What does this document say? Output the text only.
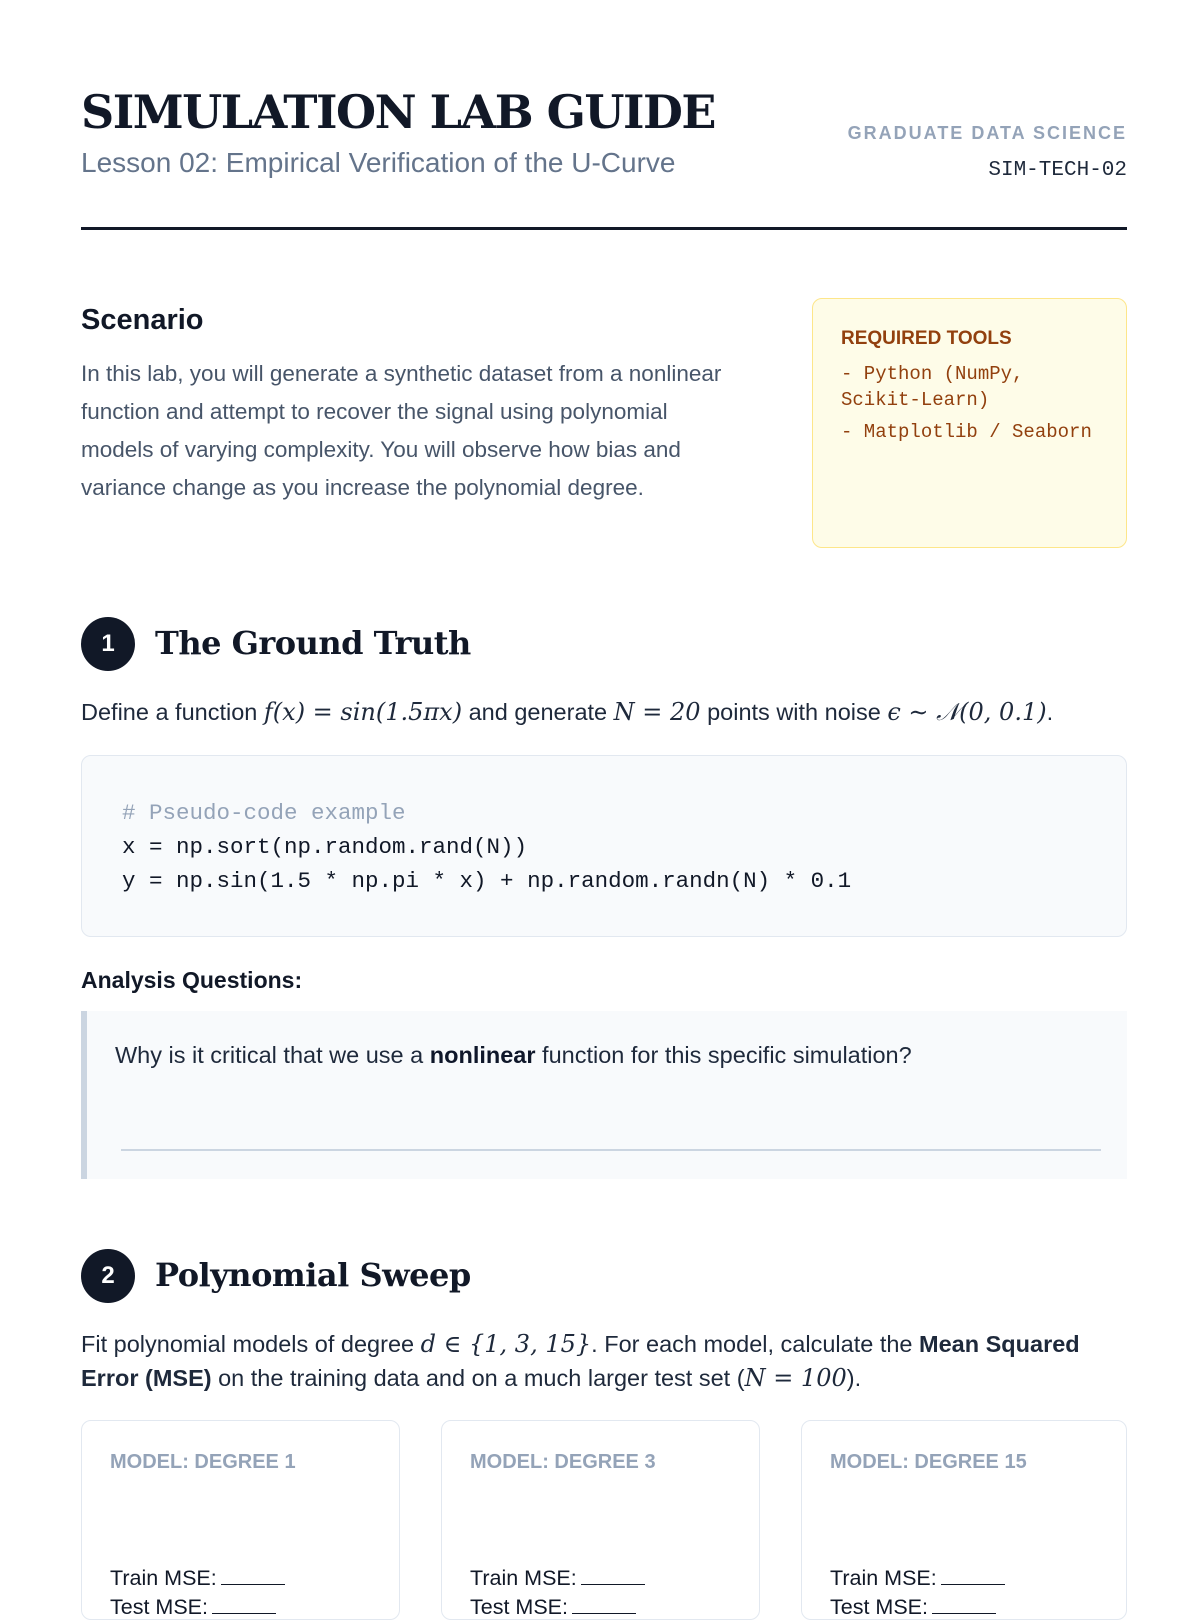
SIMULATION LAB GUIDE
Lesson 02: Empirical Verification of the U-Curve
GRADUATE DATA SCIENCE
SIM-TECH-02
Scenario
In this lab, you will generate a synthetic dataset from a nonlinear function and attempt to recover the signal using polynomial models of varying complexity. You will observe how bias and variance change as you increase the polynomial degree.
REQUIRED TOOLS
- Python (NumPy, Scikit-Learn)
- Matplotlib / Seaborn
1	The Ground Truth
Define a function f(x) = sin(1.5πx) and generate N = 20 points with noise ϵ ∼ 𝒩(0, 0.1).
# Pseudo-code example
x = np.sort(np.random.rand(N))
y = np.sin(1.5 * np.pi * x) + np.random.randn(N) * 0.1
Analysis Questions:
Why is it critical that we use a nonlinear function for this specific simulation?
2	Polynomial Sweep
Fit polynomial models of degree d ∈ {1, 3, 15}. For each model, calculate the Mean Squared Error (MSE) on the training data and on a much larger test set (N = 100).
MODEL: DEGREE 1
Train MSE:
Test MSE:
MODEL: DEGREE 3
Train MSE:
Test MSE:
MODEL: DEGREE 15
Train MSE:
Test MSE:
